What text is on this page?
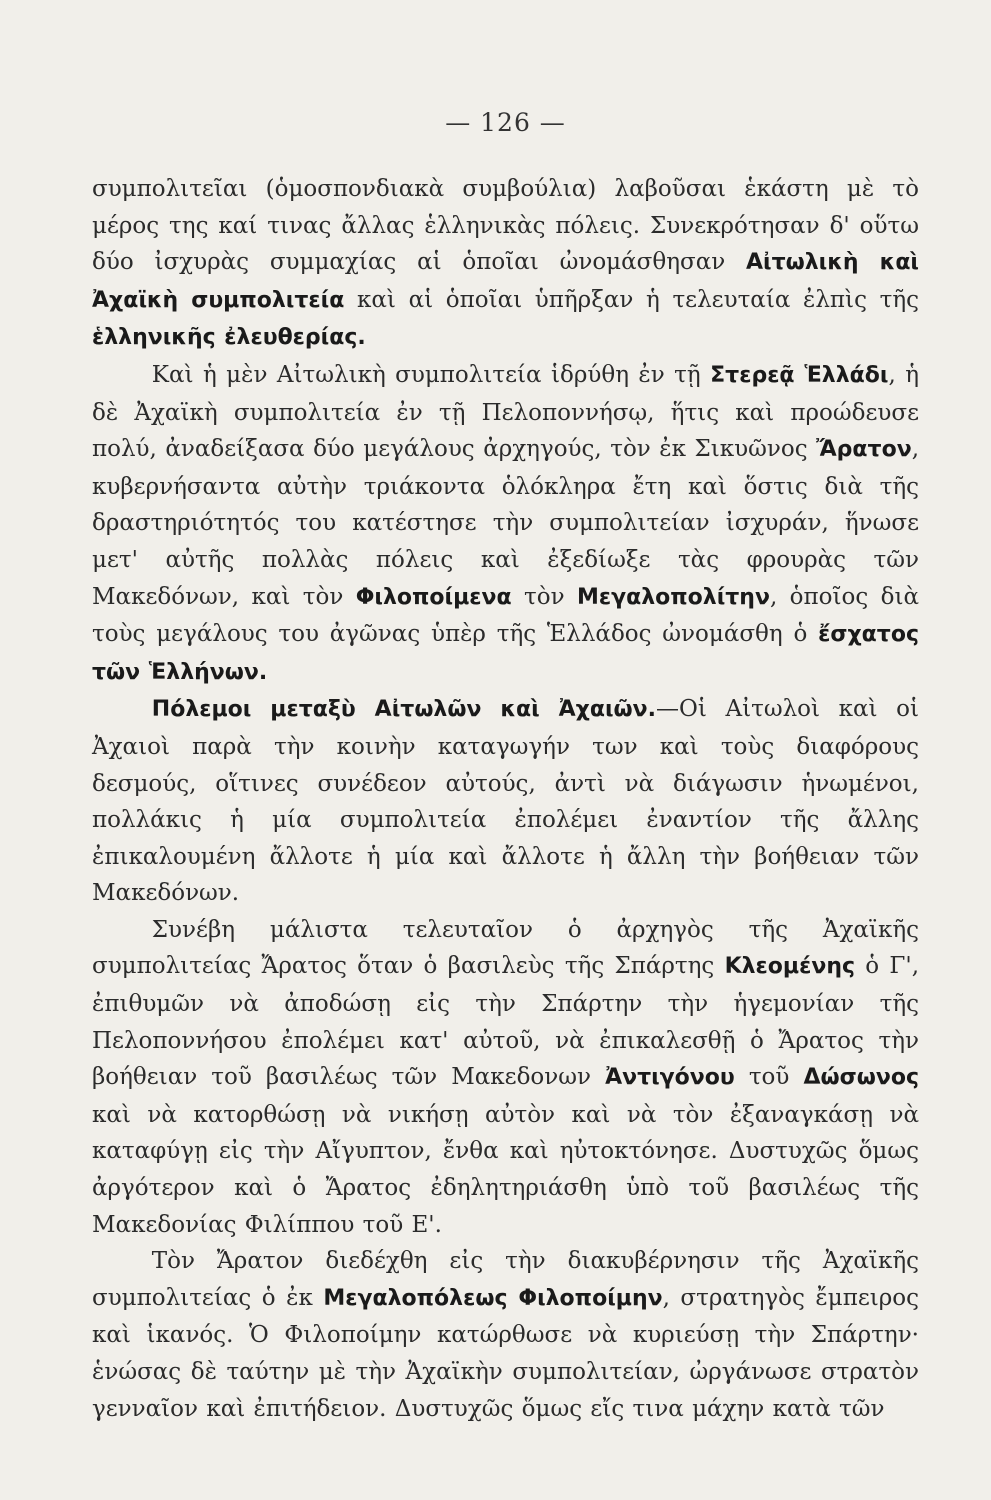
— 126 —

συμπολιτεῖαι (ὁμοσπονδιακὰ συμβούλια) λαβοῦσαι ἑκάστη μὲ τὸ μέρος της καί τινας ἄλλας ἑλληνικὰς πόλεις. Συνεκρότησαν δ' οὕτω δύο ἰσχυρὰς συμμαχίας αἱ ὁποῖαι ὠνομάσθησαν Αἰτωλικὴ καὶ Ἀχαϊκὴ συμπολιτεία καὶ αἱ ὁποῖαι ὑπῆρξαν ἡ τελευταία ἐλπὶς τῆς ἑλληνικῆς ἐλευθερίας.

Καὶ ἡ μὲν Αἰτωλικὴ συμπολιτεία ἱδρύθη ἐν τῇ Στερεᾷ Ἑλλάδι, ἡ δὲ Ἀχαϊκὴ συμπολιτεία ἐν τῇ Πελοποννήσῳ, ἥτις καὶ προώδευσε πολύ, ἀναδείξασα δύο μεγάλους ἀρχηγούς, τὸν ἐκ Σικυῶνος Ἄρατον, κυβερνήσαντα αὐτὴν τριάκοντα ὁλόκληρα ἔτη καὶ ὅστις διὰ τῆς δραστηριότητός του κατέστησε τὴν συμπολιτείαν ἰσχυράν, ἥνωσε μετ' αὐτῆς πολλὰς πόλεις καὶ ἐξεδίωξε τὰς φρουρὰς τῶν Μακεδόνων, καὶ τὸν Φιλοποίμενα τὸν Μεγαλοπολίτην, ὁποῖος διὰ τοὺς μεγάλους του ἀγῶνας ὑπὲρ τῆς Ἑλλάδος ὠνομάσθη ὁ ἔσχατος τῶν Ἑλλήνων.

Πόλεμοι μεταξὺ Αἰτωλῶν καὶ Ἀχαιῶν.—Οἱ Αἰτωλοὶ καὶ οἱ Ἀχαιοὶ παρὰ τὴν κοινὴν καταγωγήν των καὶ τοὺς διαφόρους δεσμούς, οἵτινες συνέδεον αὐτούς, ἀντὶ νὰ διάγωσιν ἡνωμένοι, πολλάκις ἡ μία συμπολιτεία ἐπολέμει ἐναντίον τῆς ἄλλης ἐπικαλουμένη ἄλλοτε ἡ μία καὶ ἄλλοτε ἡ ἄλλη τὴν βοήθειαν τῶν Μακεδόνων.

Συνέβη μάλιστα τελευταῖον ὁ ἀρχηγὸς τῆς Ἀχαϊκῆς συμπολιτείας Ἄρατος ὅταν ὁ βασιλεὺς τῆς Σπάρτης Κλεομένης ὁ Γ', ἐπιθυμῶν νὰ ἀποδώσῃ εἰς τὴν Σπάρτην τὴν ἡγεμονίαν τῆς Πελοποννήσου ἐπολέμει κατ' αὐτοῦ, νὰ ἐπικαλεσθῇ ὁ Ἄρατος τὴν βοήθειαν τοῦ βασιλέως τῶν Μακεδονων Ἀντιγόνου τοῦ Δώσωνος καὶ νὰ κατορθώσῃ νὰ νικήσῃ αὐτὸν καὶ νὰ τὸν ἐξαναγκάσῃ νὰ καταφύγῃ εἰς τὴν Αἴγυπτον, ἔνθα καὶ ηὐτοκτόνησε. Δυστυχῶς ὅμως ἀργότερον καὶ ὁ Ἄρατος ἐδηλητηριάσθη ὑπὸ τοῦ βασιλέως τῆς Μακεδονίας Φιλίππου τοῦ Ε'.

Τὸν Ἄρατον διεδέχθη εἰς τὴν διακυβέρνησιν τῆς Ἀχαϊκῆς συμπολιτείας ὁ ἐκ Μεγαλοπόλεως Φιλοποίμην, στρατηγὸς ἔμπειρος καὶ ἱκανός. Ὁ Φιλοποίμην κατώρθωσε νὰ κυριεύσῃ τὴν Σπάρτην· ἑνώσας δὲ ταύτην μὲ τὴν Ἀχαϊκὴν συμπολιτείαν, ὠργάνωσε στρατὸν γενναῖον καὶ ἐπιτήδειον. Δυστυχῶς ὅμως εἴς τινα μάχην κατὰ τῶν
